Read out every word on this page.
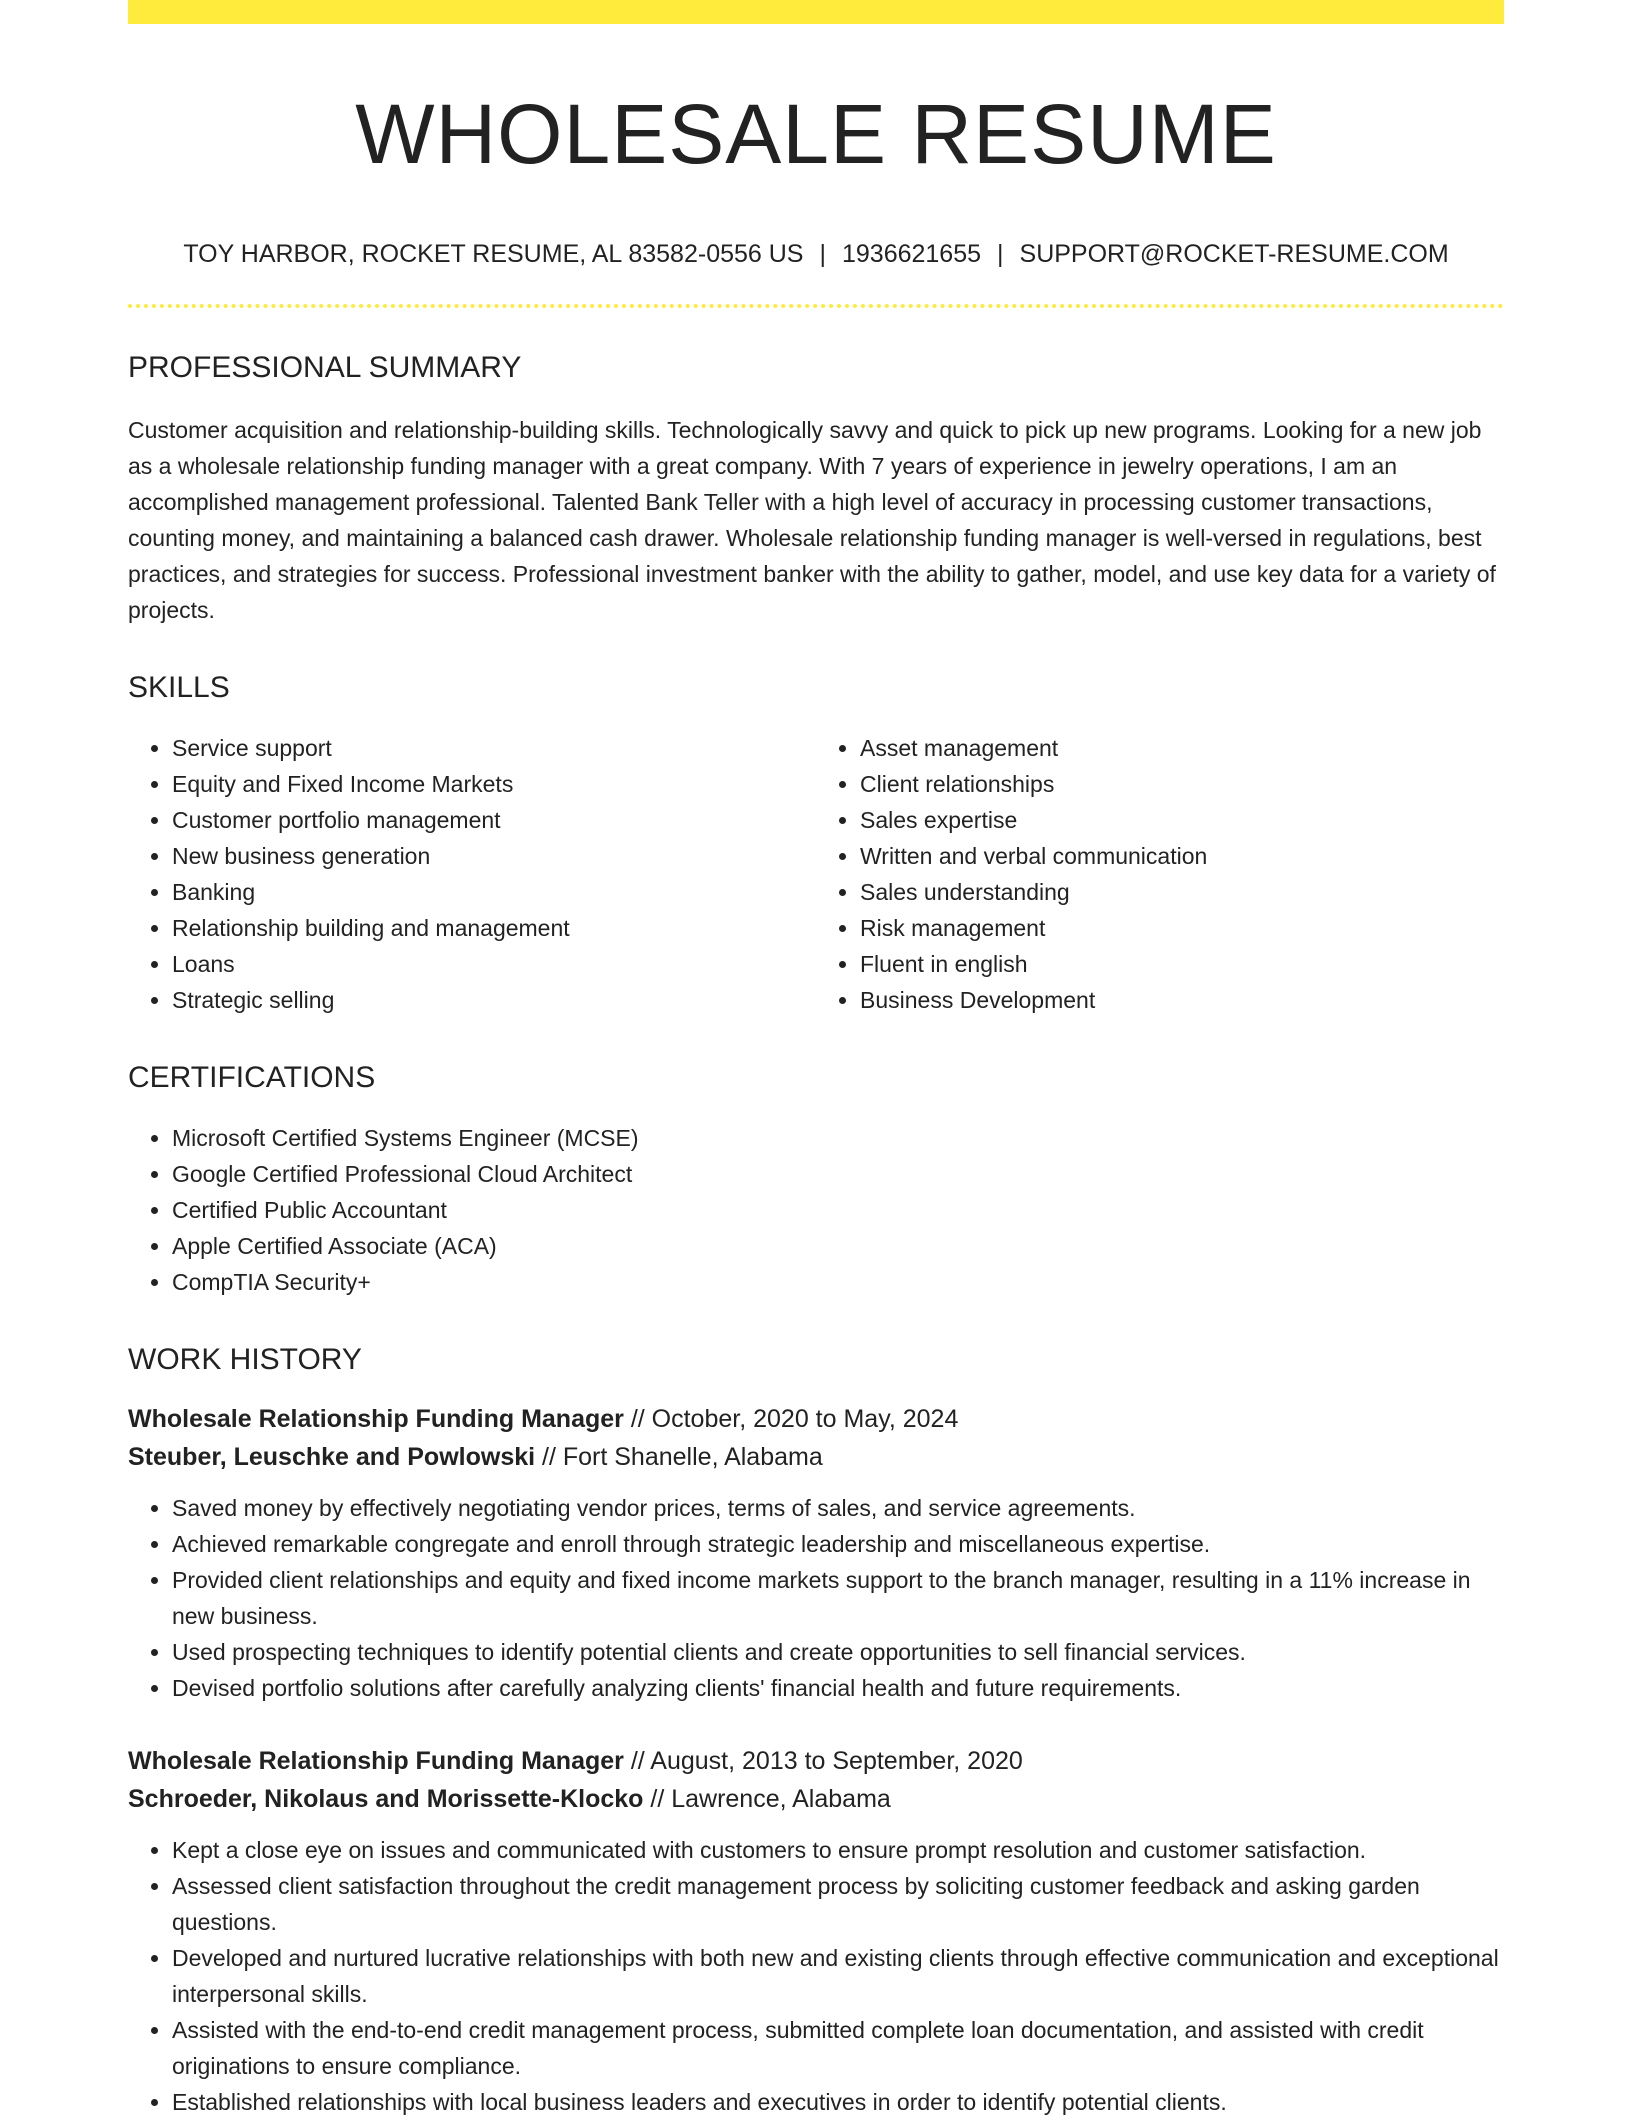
WHOLESALE RESUME
TOY HARBOR, ROCKET RESUME, AL 83582-0556 US | 1936621655 | SUPPORT@ROCKET-RESUME.COM
PROFESSIONAL SUMMARY
Customer acquisition and relationship-building skills. Technologically savvy and quick to pick up new programs. Looking for a new job as a wholesale relationship funding manager with a great company. With 7 years of experience in jewelry operations, I am an accomplished management professional. Talented Bank Teller with a high level of accuracy in processing customer transactions, counting money, and maintaining a balanced cash drawer. Wholesale relationship funding manager is well-versed in regulations, best practices, and strategies for success. Professional investment banker with the ability to gather, model, and use key data for a variety of projects.
SKILLS
• Service support
• Equity and Fixed Income Markets
• Customer portfolio management
• New business generation
• Banking
• Relationship building and management
• Loans
• Strategic selling
• Asset management
• Client relationships
• Sales expertise
• Written and verbal communication
• Sales understanding
• Risk management
• Fluent in english
• Business Development
CERTIFICATIONS
• Microsoft Certified Systems Engineer (MCSE)
• Google Certified Professional Cloud Architect
• Certified Public Accountant
• Apple Certified Associate (ACA)
• CompTIA Security+
WORK HISTORY
Wholesale Relationship Funding Manager // October, 2020 to May, 2024
Steuber, Leuschke and Powlowski // Fort Shanelle, Alabama
• Saved money by effectively negotiating vendor prices, terms of sales, and service agreements.
• Achieved remarkable congregate and enroll through strategic leadership and miscellaneous expertise.
• Provided client relationships and equity and fixed income markets support to the branch manager, resulting in a 11% increase in new business.
• Used prospecting techniques to identify potential clients and create opportunities to sell financial services.
• Devised portfolio solutions after carefully analyzing clients' financial health and future requirements.
Wholesale Relationship Funding Manager // August, 2013 to September, 2020
Schroeder, Nikolaus and Morissette-Klocko // Lawrence, Alabama
• Kept a close eye on issues and communicated with customers to ensure prompt resolution and customer satisfaction.
• Assessed client satisfaction throughout the credit management process by soliciting customer feedback and asking garden questions.
• Developed and nurtured lucrative relationships with both new and existing clients through effective communication and exceptional interpersonal skills.
• Assisted with the end-to-end credit management process, submitted complete loan documentation, and assisted with credit originations to ensure compliance.
• Established relationships with local business leaders and executives in order to identify potential clients.
